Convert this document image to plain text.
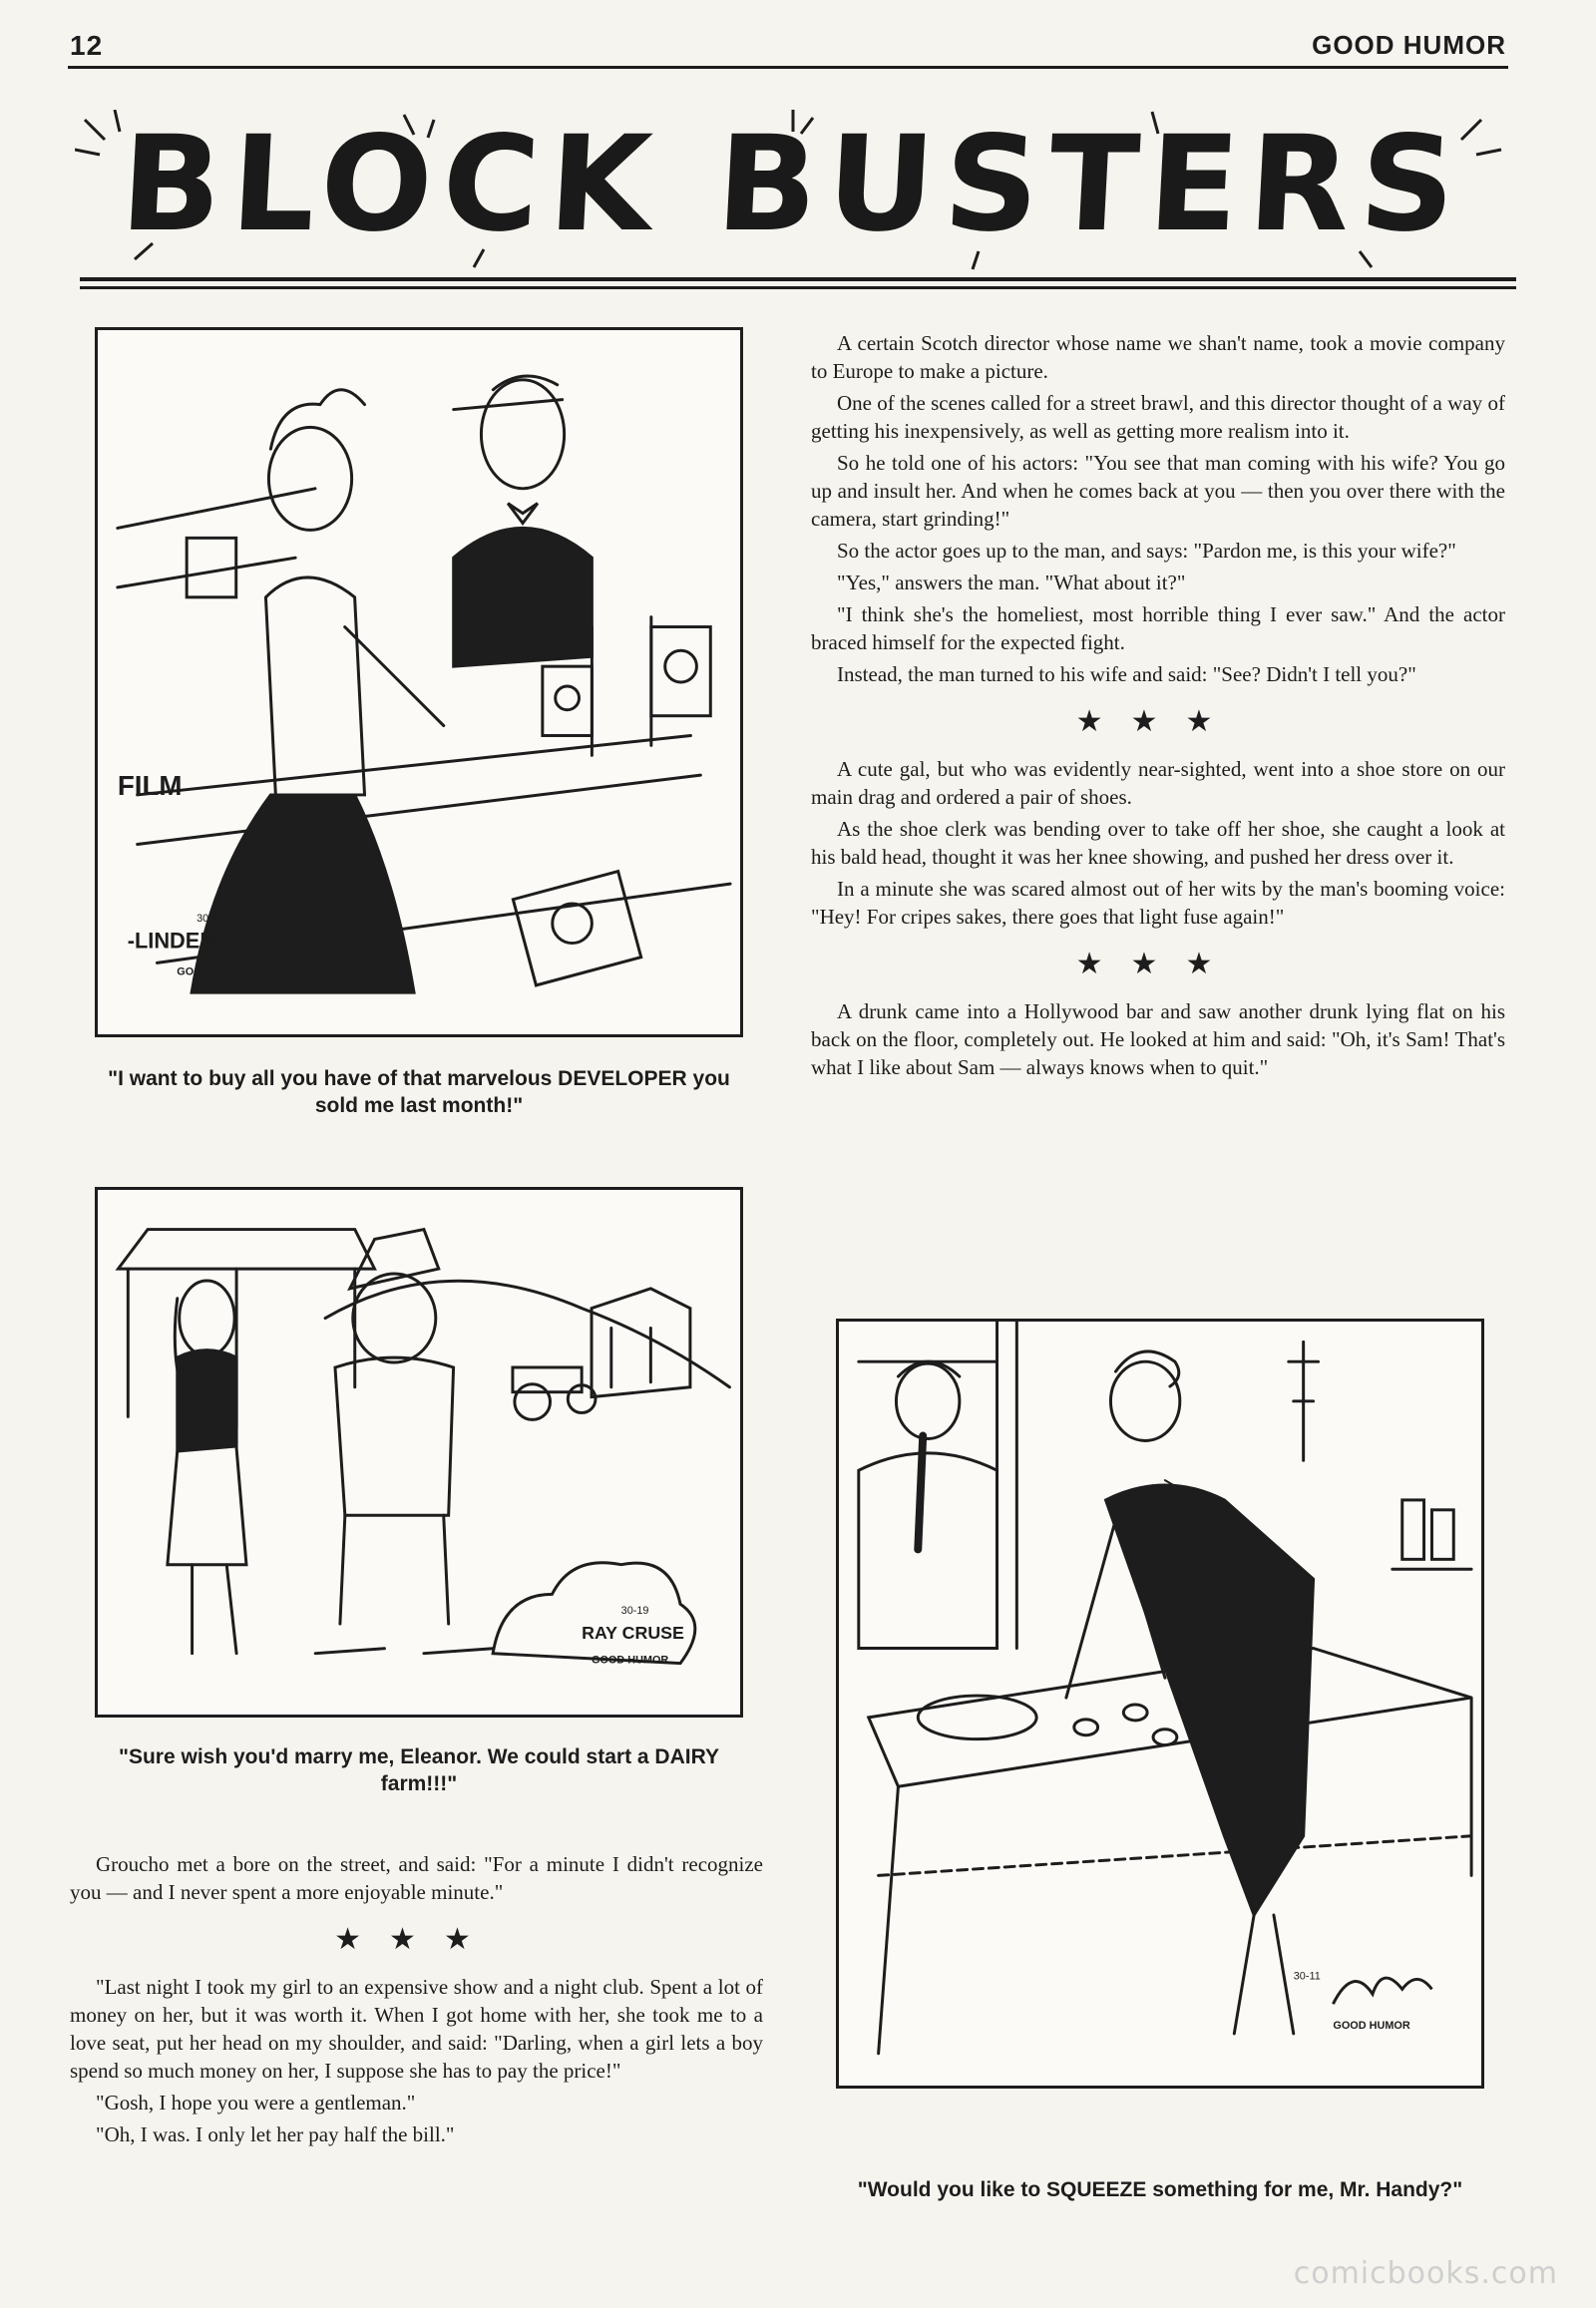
12	GOOD HUMOR
BLOCK BUSTERS
FILM
-LINDENSMITH
GOOD HUMOR
30-64
"I want to buy all you have of that marvelous DEVELOPER you sold me last month!"
RAY CRUSE
GOOD HUMOR
30-19
"Sure wish you'd marry me, Eleanor. We could start a DAIRY farm!!!"

Groucho met a bore on the street, and said: "For a minute I didn't recognize you — and I never spent a more enjoyable minute."

★★★

"Last night I took my girl to an expensive show and a night club. Spent a lot of money on her, but it was worth it. When I got home with her, she took me to a love seat, put her head on my shoulder, and said: "Darling, when a girl lets a boy spend so much money on her, I suppose she has to pay the price!"

"Gosh, I hope you were a gentleman."

"Oh, I was. I only let her pay half the bill."

A certain Scotch director whose name we shan't name, took a movie company to Europe to make a picture.

One of the scenes called for a street brawl, and this director thought of a way of getting his inexpensively, as well as getting more realism into it.

So he told one of his actors: "You see that man coming with his wife? You go up and insult her. And when he comes back at you — then you over there with the camera, start grinding!"

So the actor goes up to the man, and says: "Pardon me, is this your wife?"

"Yes," answers the man. "What about it?"

"I think she's the homeliest, most horrible thing I ever saw." And the actor braced himself for the expected fight.

Instead, the man turned to his wife and said: "See? Didn't I tell you?"

★★★

A cute gal, but who was evidently near-sighted, went into a shoe store on our main drag and ordered a pair of shoes.

As the shoe clerk was bending over to take off her shoe, she caught a look at his bald head, thought it was her knee showing, and pushed her dress over it.

In a minute she was scared almost out of her wits by the man's booming voice: "Hey! For cripes sakes, there goes that light fuse again!"

★★★

A drunk came into a Hollywood bar and saw another drunk lying flat on his back on the floor, completely out. He looked at him and said: "Oh, it's Sam! That's what I like about Sam — always knows when to quit."

GOOD HUMOR
30-11
"Would you like to SQUEEZE something for me, Mr. Handy?"
comicbooks.com
